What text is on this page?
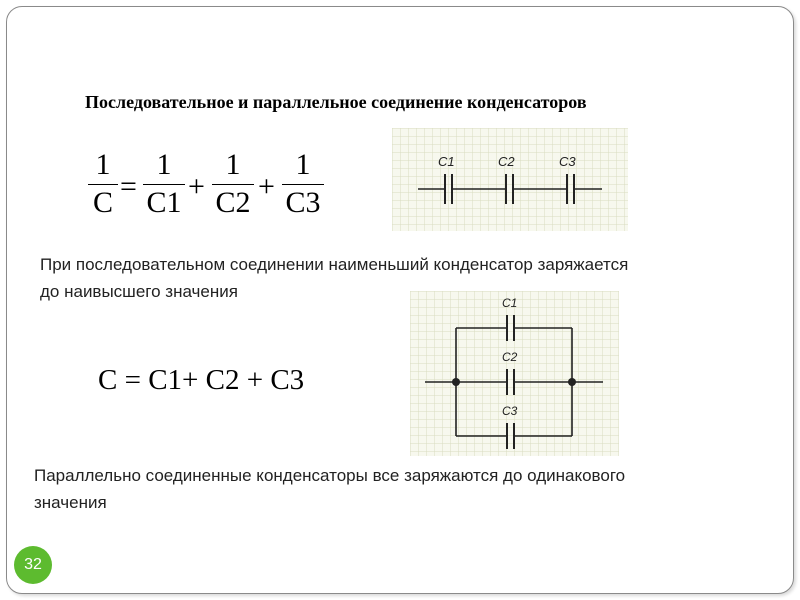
Последовательное и параллельное соединение конденсаторов
1
C =
1
C1 +
1
C2 +
1
C3
C1	C2	C3
При последовательном соединении наименьший конденсатор заряжается
до наивысшего значения
C1
C2
C3
C = C1+ C2 + C3
Параллельно соединенные конденсаторы все заряжаются до одинакового
значения
32
